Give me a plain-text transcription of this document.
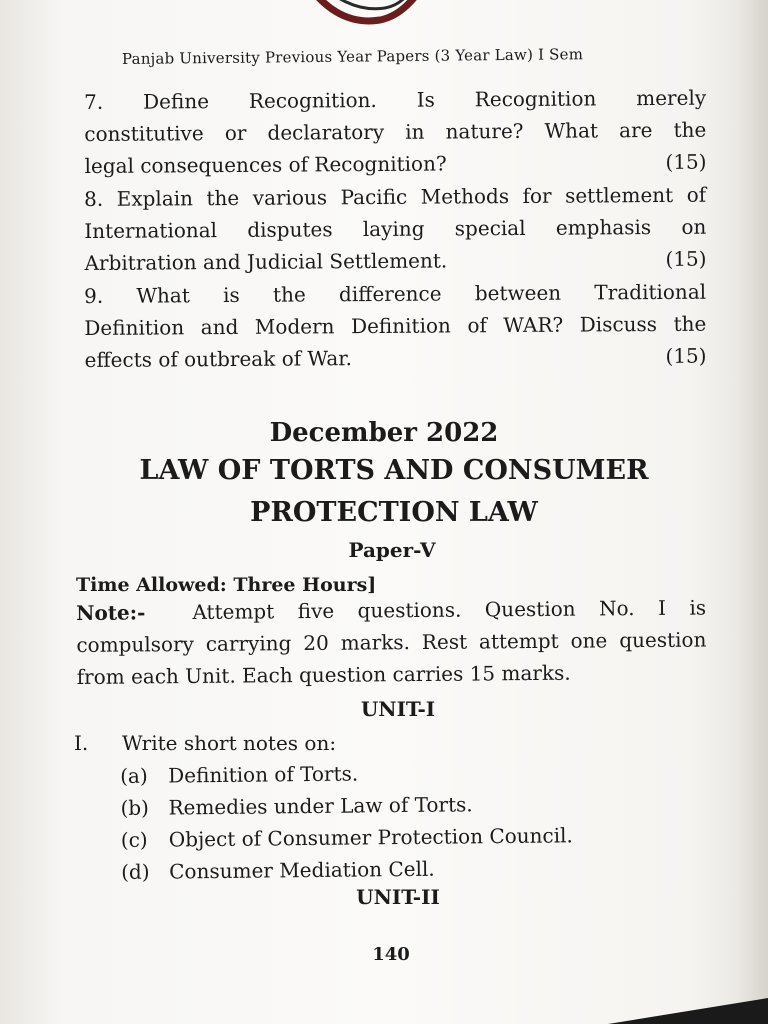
Panjab University Previous Year Papers (3 Year Law) I Sem
7. Define Recognition. Is Recognition merely
constitutive or declaratory in nature? What are the
legal consequences of Recognition?	(15)
8. Explain the various Pacific Methods for settlement of
International disputes laying special emphasis on
Arbitration and Judicial Settlement.	(15)
9. What is the difference between Traditional
Definition and Modern Definition of WAR? Discuss the
effects of outbreak of War.	(15)
December 2022
LAW OF TORTS AND CONSUMER
PROTECTION LAW
Paper-V
Time Allowed: Three Hours]
Note:- Attempt five questions. Question No. I is
compulsory carrying 20 marks. Rest attempt one question
from each Unit. Each question carries 15 marks.
UNIT-I
I. Write short notes on:
(a) Definition of Torts.
(b) Remedies under Law of Torts.
(c) Object of Consumer Protection Council.
(d) Consumer Mediation Cell.
UNIT-II
140
